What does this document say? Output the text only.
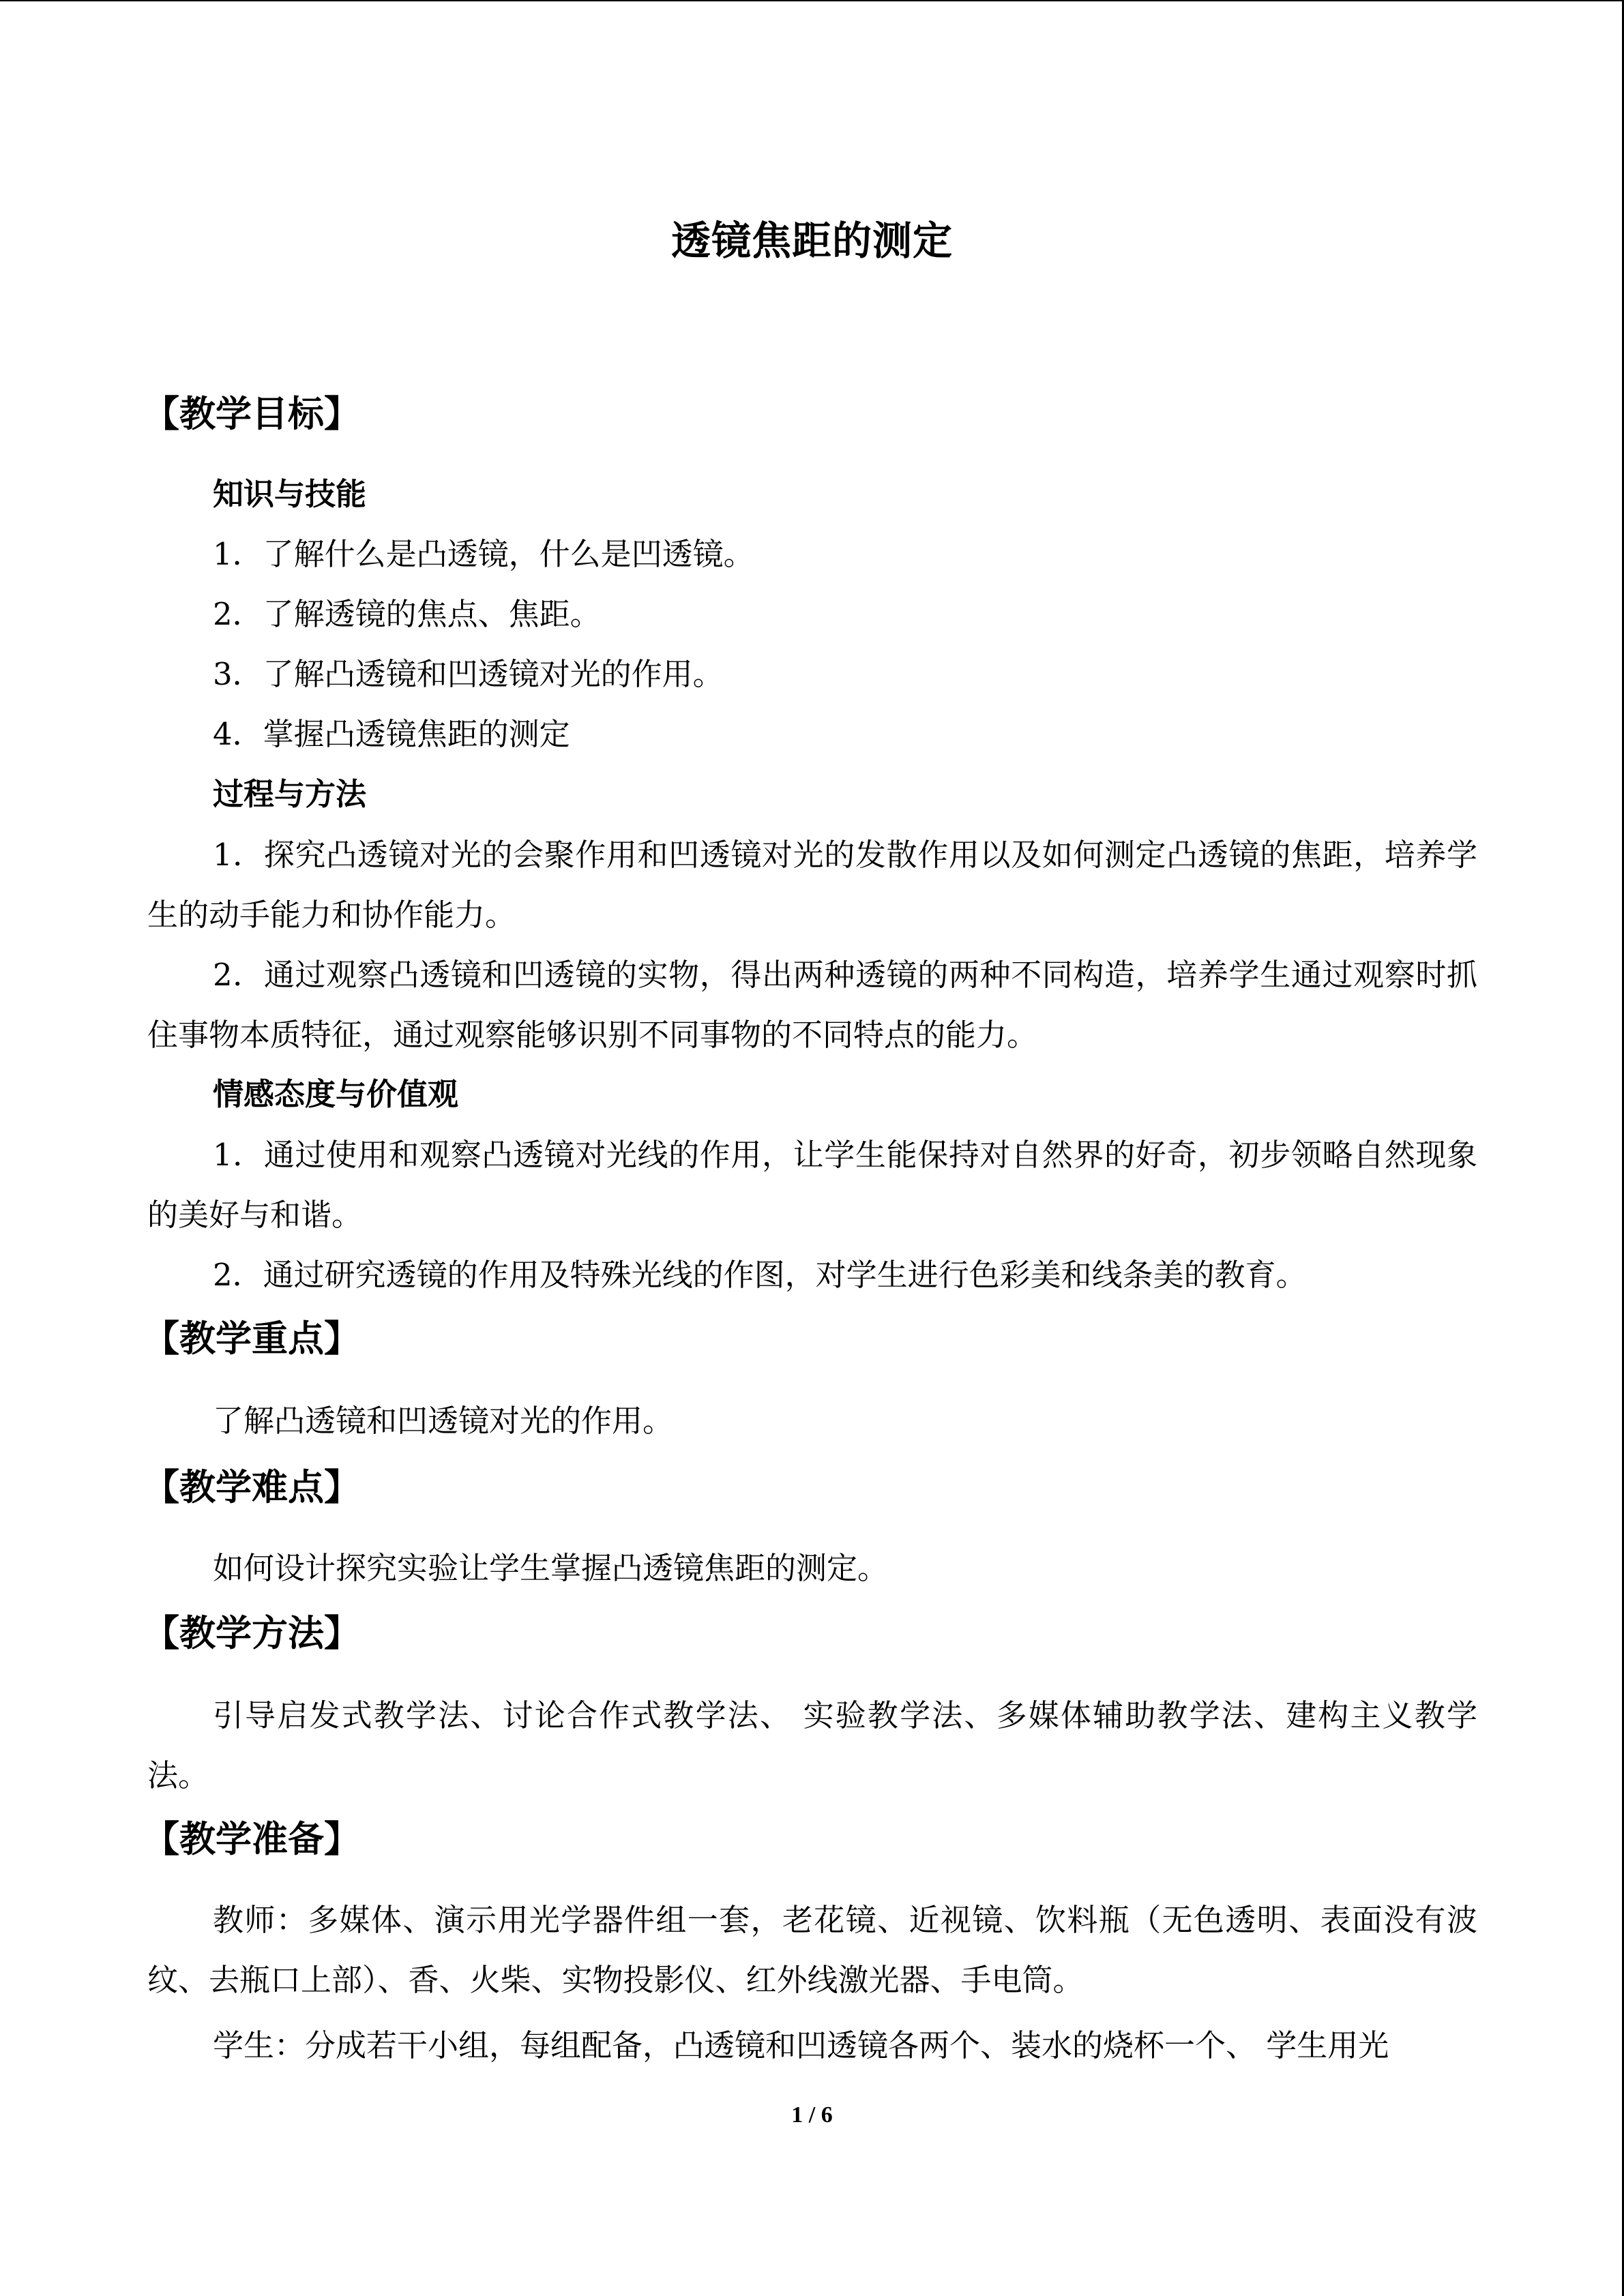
透镜焦距的测定
【教学目标】
知识与技能
1．了解什么是凸透镜，什么是凹透镜。
2．了解透镜的焦点、焦距。
3．了解凸透镜和凹透镜对光的作用。
4．掌握凸透镜焦距的测定
过程与方法

1．探究凸透镜对光的会聚作用和凹透镜对光的发散作用以及如何测定凸透镜的焦距，培养学生的动手能力和协作能力。

2．通过观察凸透镜和凹透镜的实物，得出两种透镜的两种不同构造，培养学生通过观察时抓住事物本质特征，通过观察能够识别不同事物的不同特点的能力。

情感态度与价值观

1．通过使用和观察凸透镜对光线的作用，让学生能保持对自然界的好奇，初步领略自然现象的美好与和谐。

2．通过研究透镜的作用及特殊光线的作图，对学生进行色彩美和线条美的教育。

【教学重点】

了解凸透镜和凹透镜对光的作用。

【教学难点】

如何设计探究实验让学生掌握凸透镜焦距的测定。

【教学方法】

引导启发式教学法、讨论合作式教学法、 实验教学法、多媒体辅助教学法、建构主义教学法。

【教学准备】

教师：多媒体、演示用光学器件组一套，老花镜、近视镜、饮料瓶（无色透明、表面没有波纹、去瓶口上部）、香、火柴、实物投影仪、红外线激光器、手电筒。

学生：分成若干小组，每组配备，凸透镜和凹透镜各两个、装水的烧杯一个、 学生用光

1 / 6
